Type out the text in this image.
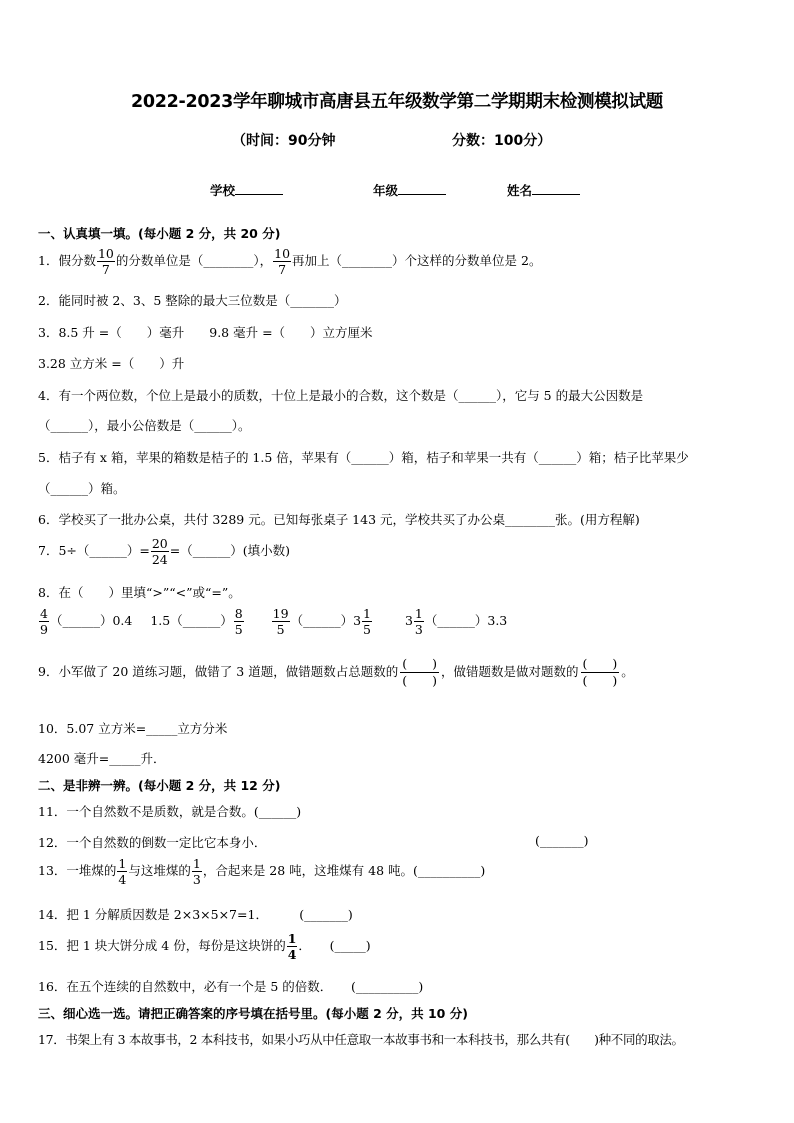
2022-2023学年聊城市高唐县五年级数学第二学期期末检测模拟试题
（时间：90分钟	分数：100分）
学校	年级	姓名
一、认真填一填。(每小题 2 分，共 20 分)
1．假分数 $\frac{10}{7}$ 的分数单位是（________）， $\frac{10}{7}$ 再加上（________）个这样的分数单位是 2。
2．能同时被 2、3、5 整除的最大三位数是（_______）
3．8.5 升 =（　　）毫升　　9.8 毫升 =（　　）立方厘米
3.28 立方米 =（　　）升
4．有一个两位数，个位上是最小的质数，十位上是最小的合数，这个数是（______），它与 5 的最大公因数是
（______），最小公倍数是（______）。
5．桔子有 x 箱，苹果的箱数是桔子的 1.5 倍，苹果有（______）箱，桔子和苹果一共有（______）箱；桔子比苹果少
（______）箱。
6．学校买了一批办公桌，共付 3289 元。已知每张桌子 143 元，学校共买了办公桌________张。(用方程解)
7．5÷（______）= $\frac{20}{24}$ =（______）(填小数)
8．在（　　）里填“>”“<”或“=”。
$\frac{4}{9}$ （______）0.4 1.5（______） $\frac{8}{5}$
$\frac{19}{5}$ （______）3 $\frac{1}{5}$	$3 \frac{1}{3}$ （______）3.3
9．小军做了 20 道练习题，做错了 3 道题，做错题数占总题数的
(　　)
(　　)
，做错题数是做对题数的
(　　)
(　　)
。
10．5.07 立方米=_____立方分米
4200 毫升=_____升．
二、是非辨一辨。(每小题 2 分，共 12 分)
11．一个自然数不是质数，就是合数。(______)
12．一个自然数的倒数一定比它本身小．	(_______)
13．一堆煤的 $\frac{1}{4}$ 与这堆煤的 $\frac{1}{3}$ ，合起来是 28 吨，这堆煤有 48 吨。(__________)
14．把 1 分解质因数是 2×3×5×7=1．　　　(_______)
15．把 1 块大饼分成 4 份，每份是这块饼的 $\frac{1}{4}$ ．　　(_____)
16．在五个连续的自然数中，必有一个是 5 的倍数．　　(__________)
三、细心选一选。请把正确答案的序号填在括号里。(每小题 2 分，共 10 分)
17．书架上有 3 本故事书，2 本科技书，如果小巧从中任意取一本故事书和一本科技书，那么共有(　　)种不同的取法。
